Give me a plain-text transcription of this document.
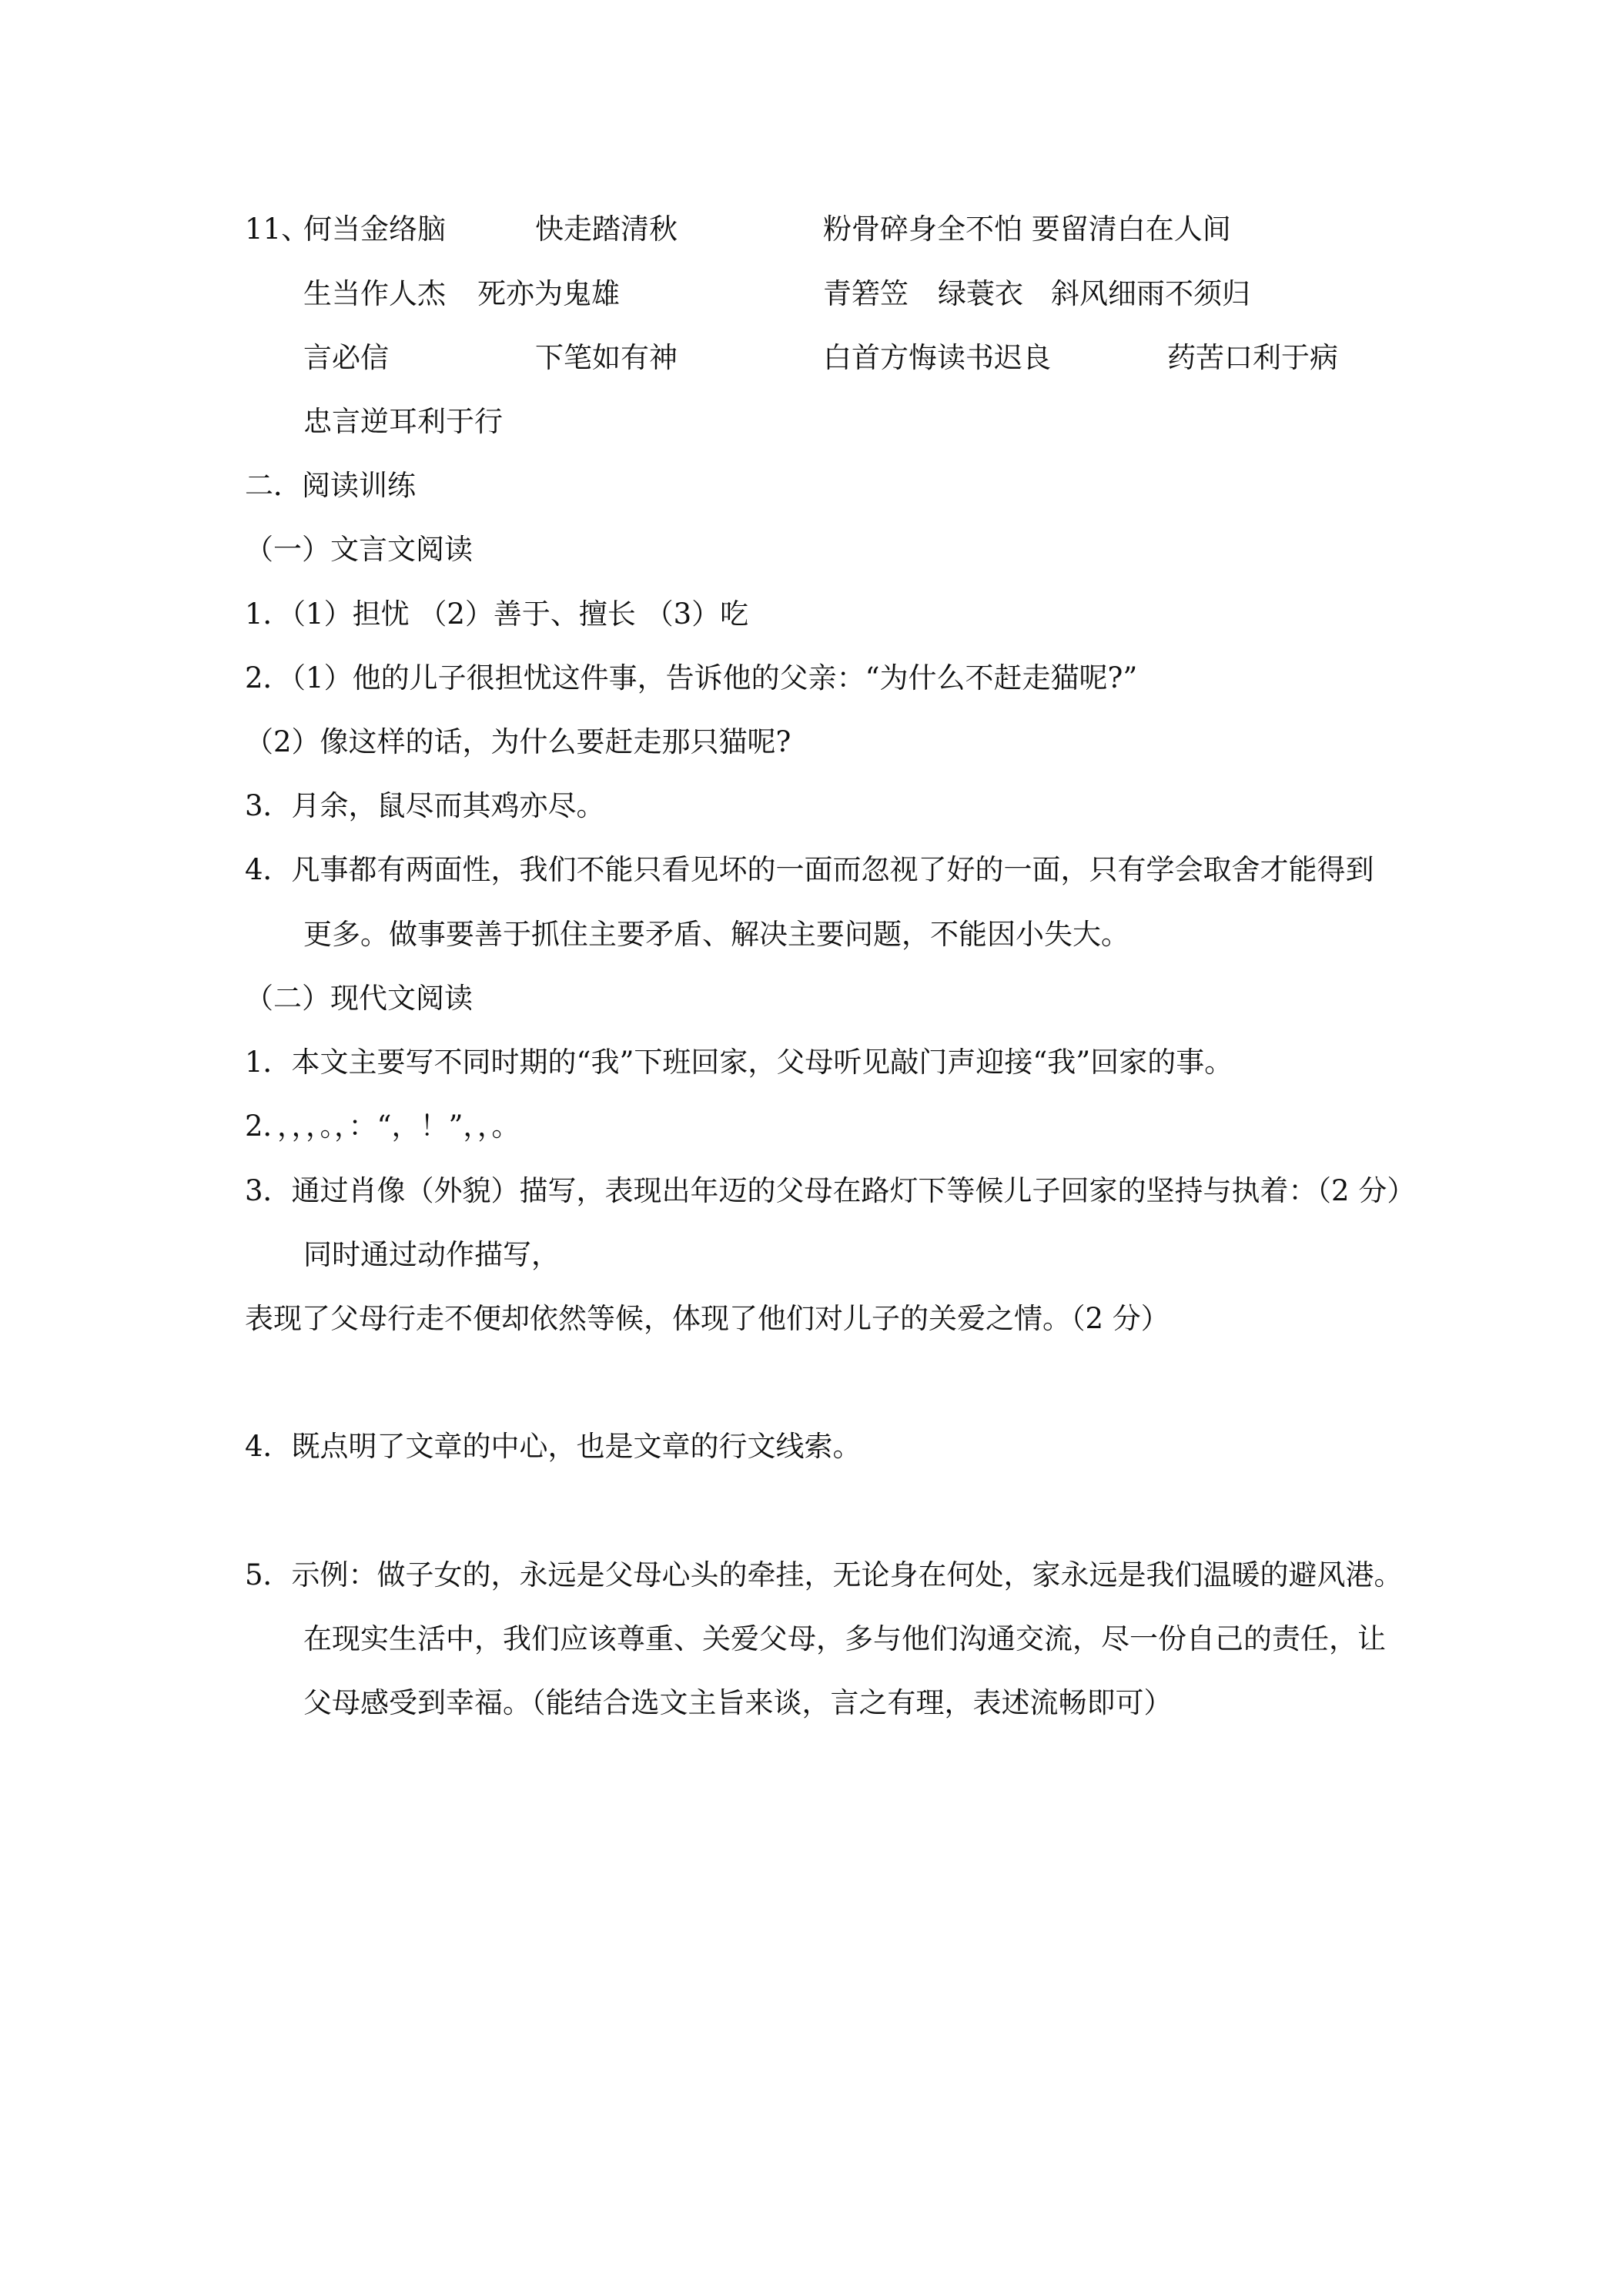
11、
何当金络脑	快走踏清秋	粉骨碎身全不怕 要留清白在人间
生当作人杰 死亦为鬼雄	青箬笠 绿蓑衣 斜风细雨不须归
言必信	下笔如有神	白首方悔读书迟良	药苦口利于病
忠言逆耳利于行
二．阅读训练
（一）文言文阅读
1．（1）担忧 （2）善于、擅长 （3）吃
2．（1）他的儿子很担忧这件事，告诉他的父亲：“为什么不赶走猫呢?”
（2）像这样的话，为什么要赶走那只猫呢?
3．月余，鼠尽而其鸡亦尽。
4．凡事都有两面性，我们不能只看见坏的一面而忽视了好的一面，只有学会取舍才能得到
更多。做事要善于抓住主要矛盾、解决主要问题，不能因小失大。
（二）现代文阅读
1．本文主要写不同时期的“我”下班回家，父母听见敲门声迎接“我”回家的事。
2．，，，。，：“，！”，，。
3．通过肖像（外貌）描写，表现出年迈的父母在路灯下等候儿子回家的坚持与执着：（2 分）
同时通过动作描写，
表现了父母行走不便却依然等候，体现了他们对儿子的关爱之情。（2 分）
4．既点明了文章的中心，也是文章的行文线索。
5．示例：做子女的，永远是父母心头的牵挂，无论身在何处，家永远是我们温暖的避风港。
在现实生活中，我们应该尊重、关爱父母，多与他们沟通交流，尽一份自己的责任，让
父母感受到幸福。（能结合选文主旨来谈，言之有理，表述流畅即可）
